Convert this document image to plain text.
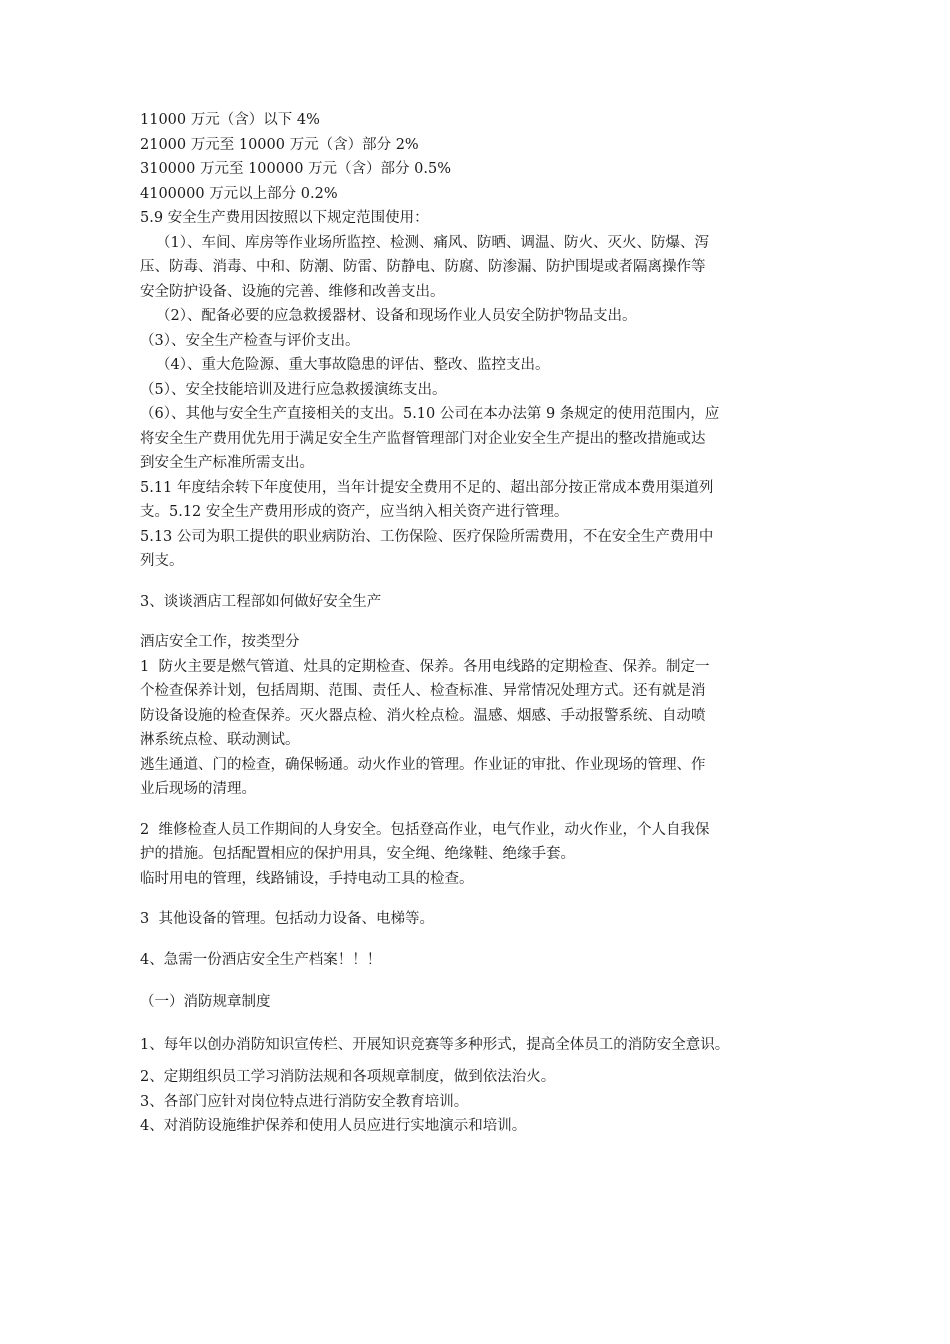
11000 万元（含）以下 4%

21000 万元至 10000 万元（含）部分 2%

310000 万元至 100000 万元（含）部分 0.5%

4100000 万元以上部分 0.2%

5.9 安全生产费用因按照以下规定范围使用：

（1）、车间、库房等作业场所监控、检测、痛风、防晒、调温、防火、灭火、防爆、泻

压、防毒、消毒、中和、防潮、防雷、防静电、防腐、防渗漏、防护围堤或者隔离操作等

安全防护设备、设施的完善、维修和改善支出。

（2）、配备必要的应急救援器材、设备和现场作业人员安全防护物品支出。

（3）、安全生产检查与评价支出。

（4）、重大危险源、重大事故隐患的评估、整改、监控支出。

（5）、安全技能培训及进行应急救援演练支出。

（6）、其他与安全生产直接相关的支出。5.10 公司在本办法第 9 条规定的使用范围内，应

将安全生产费用优先用于满足安全生产监督管理部门对企业安全生产提出的整改措施或达

到安全生产标准所需支出。

5.11 年度结余转下年度使用，当年计提安全费用不足的、超出部分按正常成本费用渠道列

支。5.12 安全生产费用形成的资产，应当纳入相关资产进行管理。

5.13 公司为职工提供的职业病防治、工伤保险、医疗保险所需费用，不在安全生产费用中

列支。

3、谈谈酒店工程部如何做好安全生产

酒店安全工作，按类型分

1  防火主要是燃气管道、灶具的定期检查、保养。各用电线路的定期检查、保养。制定一

个检查保养计划，包括周期、范围、责任人、检查标准、异常情况处理方式。还有就是消

防设备设施的检查保养。灭火器点检、消火栓点检。温感、烟感、手动报警系统、自动喷

淋系统点检、联动测试。

逃生通道、门的检查，确保畅通。动火作业的管理。作业证的审批、作业现场的管理、作

业后现场的清理。

2  维修检查人员工作期间的人身安全。包括登高作业，电气作业，动火作业，个人自我保

护的措施。包括配置相应的保护用具，安全绳、绝缘鞋、绝缘手套。

临时用电的管理，线路铺设，手持电动工具的检查。

3  其他设备的管理。包括动力设备、电梯等。

4、急需一份酒店安全生产档案！！！

（一）消防规章制度

1、每年以创办消防知识宣传栏、开展知识竞赛等多种形式，提高全体员工的消防安全意识。

2、定期组织员工学习消防法规和各项规章制度，做到依法治火。

3、各部门应针对岗位特点进行消防安全教育培训。

4、对消防设施维护保养和使用人员应进行实地演示和培训。
